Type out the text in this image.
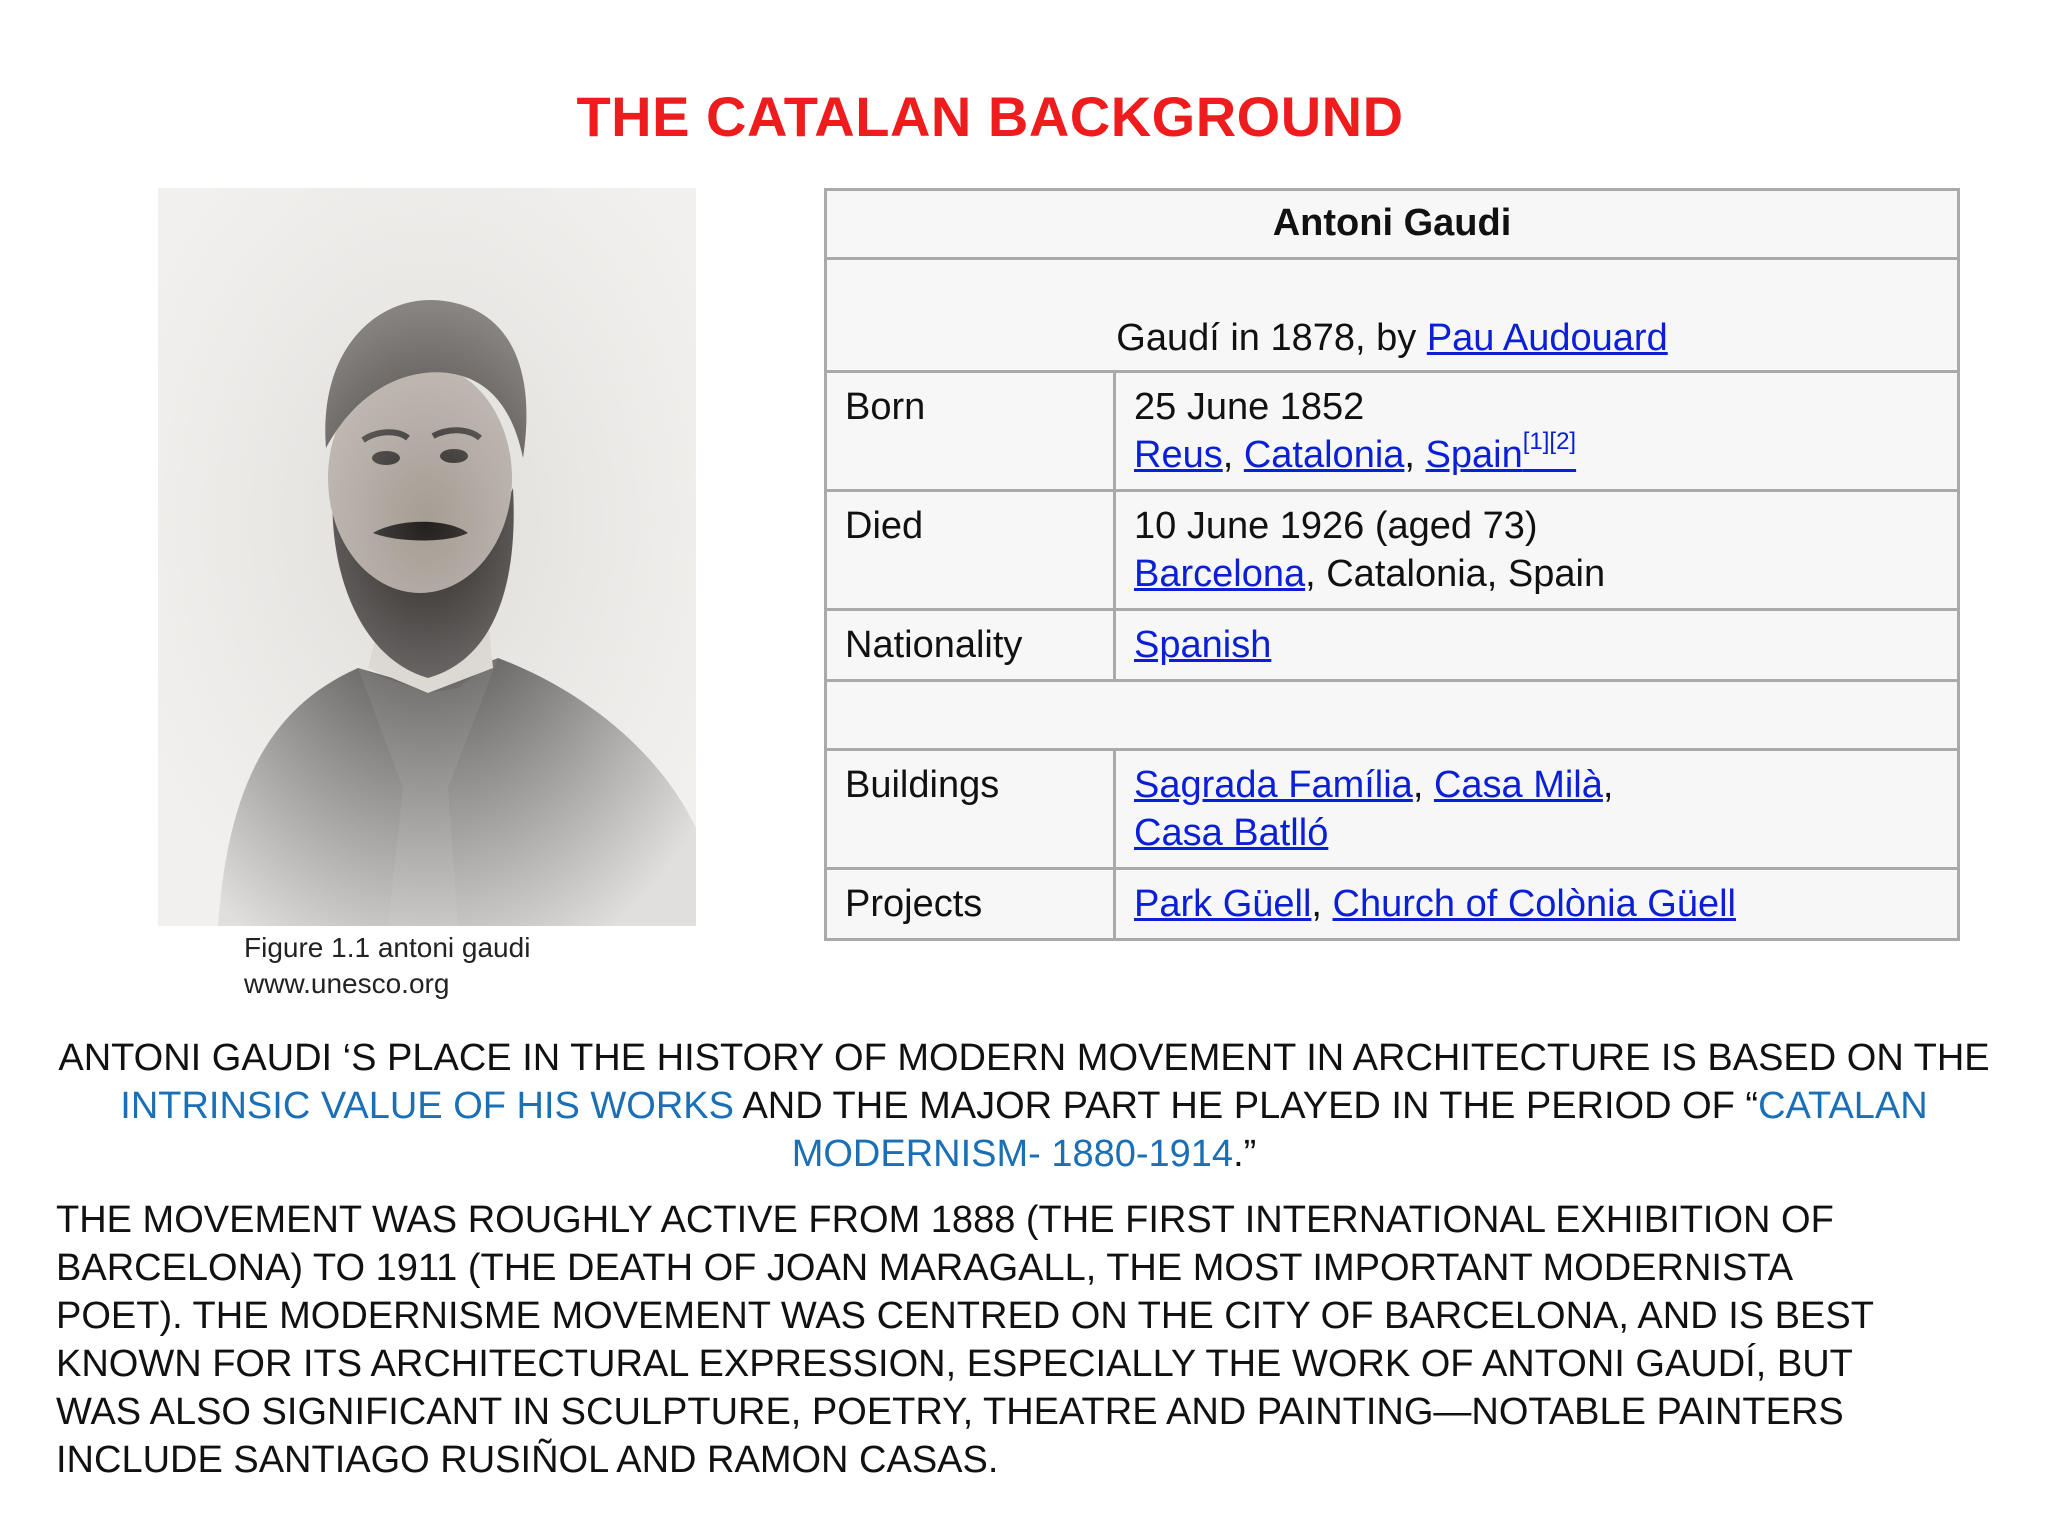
THE CATALAN BACKGROUND
Figure 1.1 antoni gaudi
www.unesco.org
Antoni Gaudi	
Gaudí in 1878, by Pau Audouard	
Born	25 June 1852
Reus, Catalonia, Spain[1][2]

Died	10 June 1926 (aged 73)
Barcelona, Catalonia, Spain

Nationality	Spanish

Buildings	Sagrada Família, Casa Milà,
Casa Batlló

Projects	Park Güell, Church of Colònia Güell
ANTONI GAUDI ‘S PLACE IN THE HISTORY OF MODERN MOVEMENT IN ARCHITECTURE IS BASED ON THE INTRINSIC VALUE OF HIS WORKS AND THE MAJOR PART HE PLAYED IN THE PERIOD OF “CATALAN MODERNISM- 1880-1914.”
THE MOVEMENT WAS ROUGHLY ACTIVE FROM 1888 (THE FIRST INTERNATIONAL EXHIBITION OF
BARCELONA) TO 1911 (THE DEATH OF JOAN MARAGALL, THE MOST IMPORTANT MODERNISTA
POET). THE MODERNISME MOVEMENT WAS CENTRED ON THE CITY OF BARCELONA, AND IS BEST
KNOWN FOR ITS ARCHITECTURAL EXPRESSION, ESPECIALLY THE WORK OF ANTONI GAUDÍ, BUT
WAS ALSO SIGNIFICANT IN SCULPTURE, POETRY, THEATRE AND PAINTING—NOTABLE PAINTERS
INCLUDE SANTIAGO RUSIÑOL AND RAMON CASAS.
